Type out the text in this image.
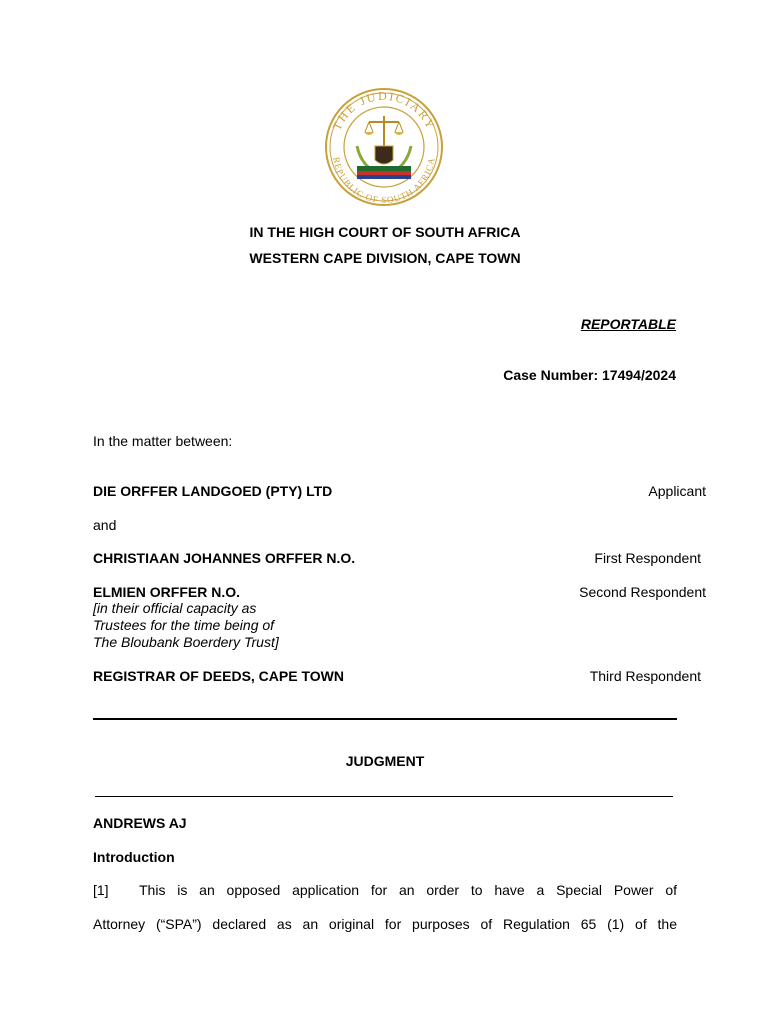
THE JUDICIARY
REPUBLIC OF SOUTH AFRICA
IN THE HIGH COURT OF SOUTH AFRICA
WESTERN CAPE DIVISION, CAPE TOWN
REPORTABLE
Case Number: 17494/2024
In the matter between:
DIE ORFFER LANDGOED (PTY) LTD	Applicant
and
CHRISTIAAN JOHANNES ORFFER N.O.	First Respondent
ELMIEN ORFFER N.O.	Second Respondent
[in their official capacity as
Trustees for the time being of
The Bloubank Boerdery Trust]
REGISTRAR OF DEEDS, CAPE TOWN	Third Respondent
JUDGMENT
ANDREWS AJ
Introduction
[1]	This is an opposed application for an order to have a Special Power of
Attorney (“SPA”) declared as an original for purposes of Regulation 65 (1) of the
